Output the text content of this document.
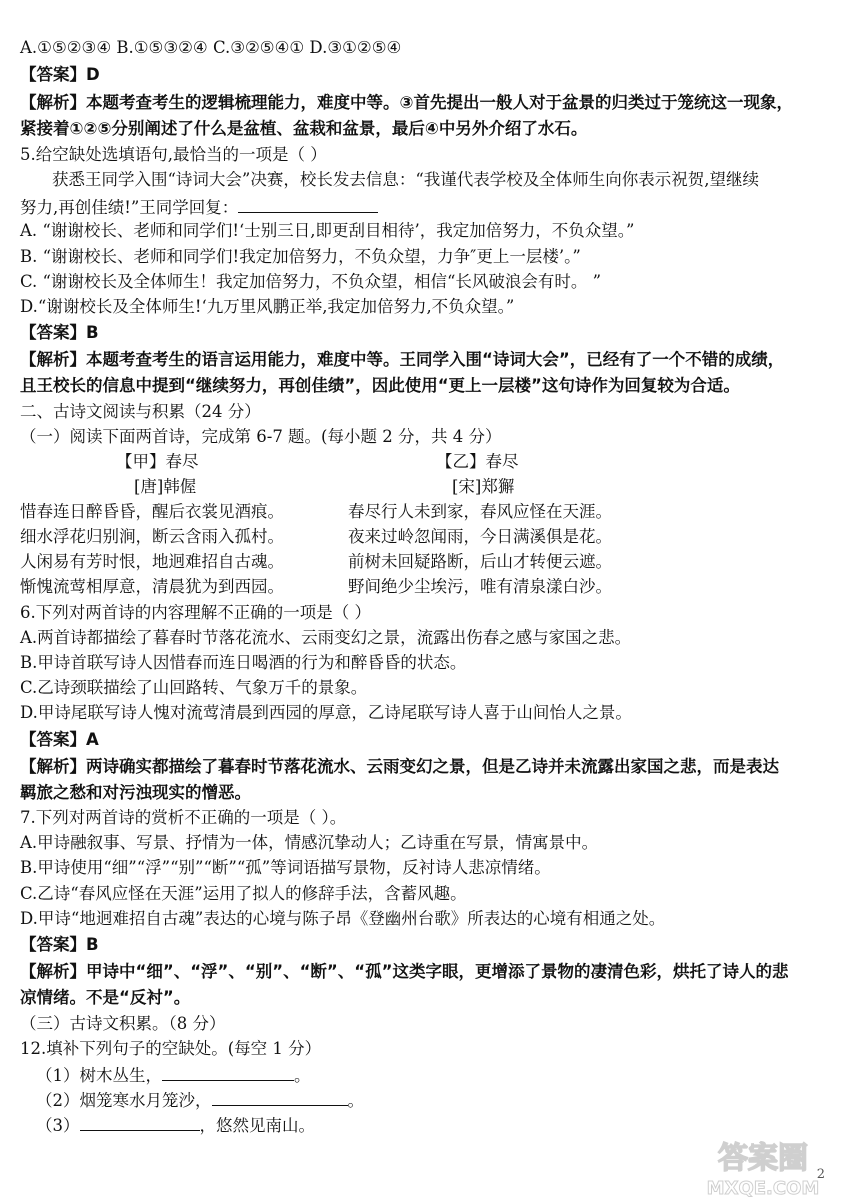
A.①⑤②③④ B.①⑤③②④ C.③②⑤④① D.③①②⑤④
【答案】D
【解析】本题考查考生的逻辑梳理能力，难度中等。③首先提出一般人对于盆景的归类过于笼统这一现象，
紧接着①②⑤分别阐述了什么是盆植、盆栽和盆景，最后④中另外介绍了水石。
5.给空缺处选填语句,最恰当的一项是（ ）
获悉王同学入围“诗词大会”决赛，校长发去信息：“我谨代表学校及全体师生向你表示祝贺,望继续
努力,再创佳绩!”王同学回复：
A. “谢谢校长、老师和同学们!‘士别三日,即更刮目相待’，我定加倍努力，不负众望。”
B. “谢谢校长、老师和同学们!我定加倍努力，不负众望，力争″更上一层楼’。”
C. “谢谢校长及全体师生！我定加倍努力，不负众望，相信“长风破浪会有时。 ”
D.“谢谢校长及全体师生!‘九万里风鹏正举,我定加倍努力,不负众望。”
【答案】B
【解析】本题考查考生的语言运用能力，难度中等。王同学入围“诗词大会”，已经有了一个不错的成绩，
且王校长的信息中提到“继续努力，再创佳绩”，因此使用“更上一层楼”这句诗作为回复较为合适。
二、古诗文阅读与积累（24 分）
（一）阅读下面两首诗，完成第 6-7 题。(每小题 2 分，共 4 分）
【甲】春尽
[唐]韩偓
惜春连日醉昏昏，醒后衣裳见酒痕。
细水浮花归别涧，断云含雨入孤村。
人闲易有芳时恨，地迥难招自古魂。
惭愧流莺相厚意，清晨犹为到西园。
【乙】春尽
[宋]郑獬
春尽行人未到家，春风应怪在天涯。
夜来过岭忽闻雨，今日满溪俱是花。
前树未回疑路断，后山才转便云遮。
野间绝少尘埃污，唯有清泉漾白沙。
6.下列对两首诗的内容理解不正确的一项是（ ）
A.两首诗都描绘了暮春时节落花流水、云雨变幻之景，流露出伤春之感与家国之悲。
B.甲诗首联写诗人因惜春而连日喝酒的行为和醉昏昏的状态。
C.乙诗颈联描绘了山回路转、气象万千的景象。
D.甲诗尾联写诗人愧对流莺清晨到西园的厚意，乙诗尾联写诗人喜于山间怡人之景。
【答案】A
【解析】两诗确实都描绘了暮春时节落花流水、云雨变幻之景，但是乙诗并未流露出家国之悲，而是表达
羁旅之愁和对污浊现实的憎恶。
7.下列对两首诗的赏析不正确的一项是（ ）。
A.甲诗融叙事、写景、抒情为一体，情感沉挚动人；乙诗重在写景，情寓景中。
B.甲诗使用“细”“浮”“别”“断”“孤”等词语描写景物，反衬诗人悲凉情绪。
C.乙诗“春风应怪在天涯”运用了拟人的修辞手法，含蓄风趣。
D.甲诗“地迥难招自古魂”表达的心境与陈子昂《登幽州台歌》所表达的心境有相通之处。
【答案】B
【解析】甲诗中“细”、“浮”、“别”、“断”、“孤”这类字眼，更增添了景物的凄清色彩，烘托了诗人的悲
凉情绪。不是“反衬”。
（三）古诗文积累。（8 分）
12.填补下列句子的空缺处。(每空 1 分）
（1）树木丛生，	。
（2）烟笼寒水月笼沙，	。
（3）	，悠然见南山。
答案圈
MXQE.COM
2
